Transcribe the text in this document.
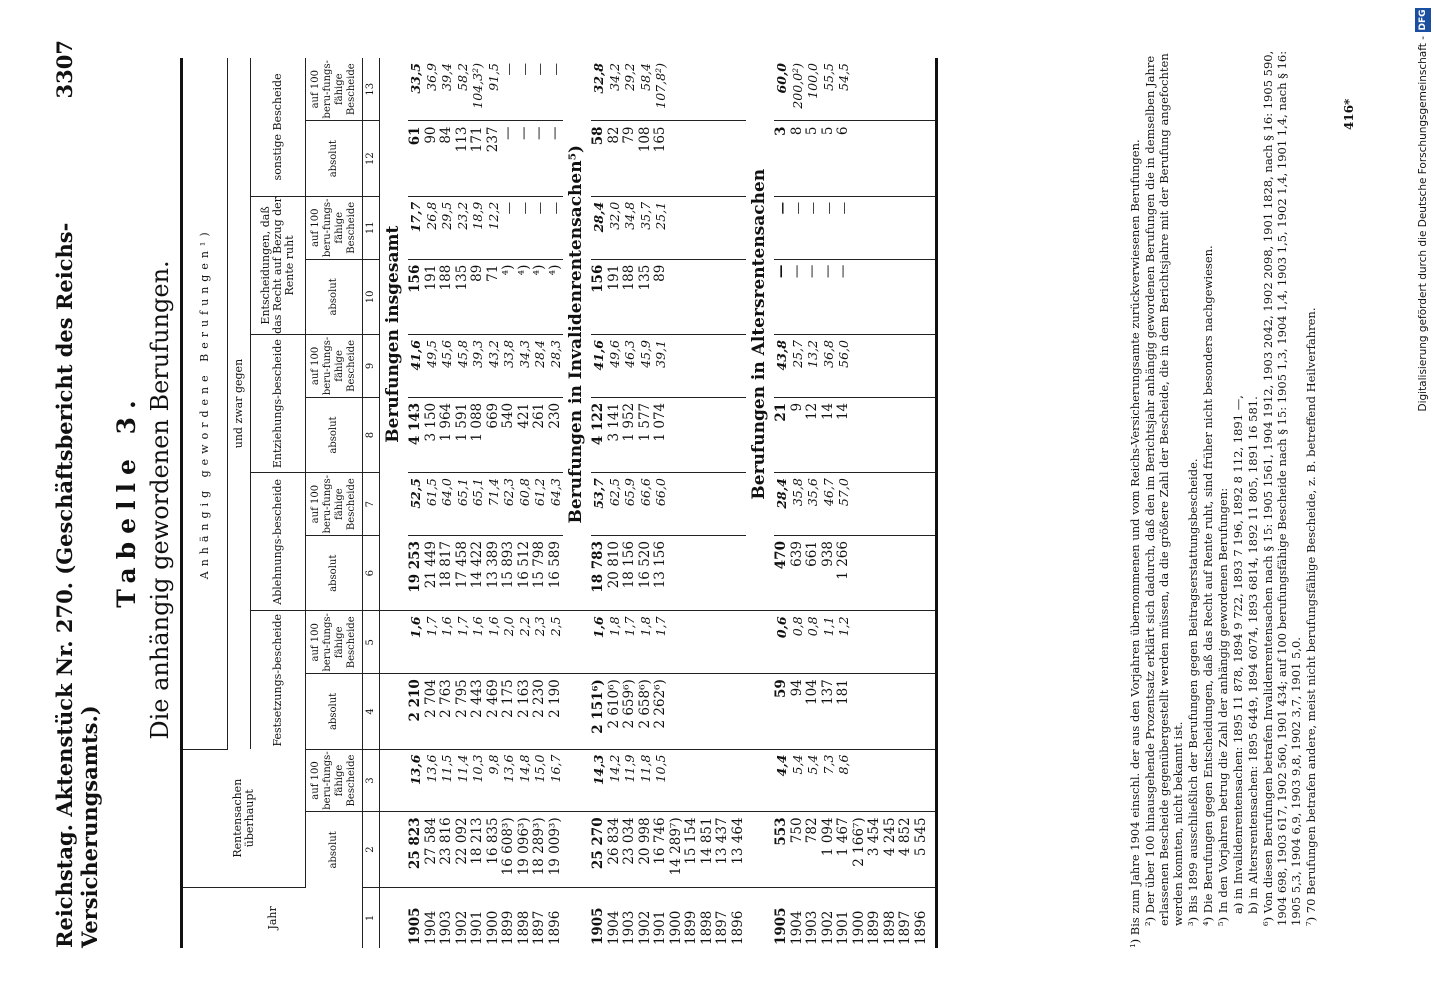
Reichstag. Aktenstück Nr. 270. (Geschäftsbericht des Reichs-Versicherungsamts.)
3307
Tabelle 3. Die anhängig gewordenen Berufungen.
Jahr	Rentensachen überhaupt		Anhängig gewordene Berufungen¹)									
			und zwar gegen									
			Festsetzungs-bescheide		Ablehnungs-bescheide		Entziehungs-bescheide		Entscheidungen, daß das Recht auf Bezug der Rente ruht		sonstige Bescheide	
	absolut	auf 100 beru-fungs-fähige Bescheide	absolut	auf 100 beru-fungs-fähige Bescheide	absolut	auf 100 beru-fungs-fähige Bescheide	absolut	auf 100 beru-fungs-fähige Bescheide	absolut	auf 100 beru-fungs-fähige Bescheide	absolut	auf 100 beru-fungs-fähige Bescheide
1	2	3	4	5	6	7	8	9	10	11	12	13
					Berufungen insgesamt							
1905	25 823	13,6	2 210	1,6	19 253	52,5	4 143	41,6	156	17,7	61	33,5
1904	27 584	13,6	2 704	1,7	21 449	61,5	3 150	49,5	191	26,8	90	36,9
1903	23 816	11,5	2 763	1,6	18 817	64,0	1 964	45,6	188	29,5	84	39,4
1902	22 092	11,4	2 795	1,7	17 458	65,1	1 591	45,8	135	23,2	113	58,2
1901	18 213	10,3	2 443	1,6	14 422	65,1	1 088	39,3	89	18,9	171	104,3²)
1900	16 835	9,8	2 469	1,6	13 389	71,4	669	43,2	71	12,2	237	91,5
1899	16 608³)	13,6	2 175	2,0	15 893	62,3	540	33,8	⁴)	—	—	—
1898	19 096³)	14,8	2 163	2,2	16 512	60,8	421	34,3	⁴)	—	—	—
1897	18 289³)	15,0	2 230	2,3	15 798	61,2	261	28,4	⁴)	—	—	—
1896	19 009³)	16,7	2 190	2,5	16 589	64,3	230	28,3	⁴)	—	—	—
					Berufungen in Invalidenrentensachen⁵)							
1905	25 270	14,3	2 151⁶)	1,6	18 783	53,7	4 122	41,6	156	28,4	58	32,8
1904	26 834	14,2	2 610⁶)	1,8	20 810	62,5	3 141	49,6	191	32,0	82	34,2
1903	23 034	11,9	2 659⁶)	1,7	18 156	65,9	1 952	46,3	188	34,8	79	29,2
1902	20 998	11,8	2 658⁶)	1,8	16 520	66,6	1 577	45,9	135	35,7	108	58,4
1901	16 746	10,5	2 262⁶)	1,7	13 156	66,0	1 074	39,1	89	25,1	165	107,8²)
1900	14 289⁷)											
1899	15 154											
1898	14 851											
1897	13 437											
1896	13 464											
					Berufungen in Altersrentensachen							
1905	553	4,4	59	0,6	470	28,4	21	43,8	—	—	3	60,0
1904	750	5,4	94	0,8	639	35,8	9	25,7	—	—	8	200,0²)
1903	782	5,4	104	0,8	661	35,6	12	13,2	—	—	5	100,0
1902	1 094	7,3	137	1,1	938	46,7	14	36,8	—	—	5	55,5
1901	1 467	8,6	181	1,2	1 266	57,0	14	56,0	—	—	6	54,5
1900	2 166⁷)											
1899	3 454											
1898	4 245											
1897	4 852											
1896	5 545											
													¹) Bis zum Jahre 1904 einschl. der aus den Vorjahren übernommenen und vom Reichs-Versicherungsamte zurückverwiesenen Berufungen. ²) Der über 100 hinausgehende Prozentsatz erklärt sich dadurch, daß den im Berichtsjahr anhängig gewordenen Berufungen die in demselben Jahre erlassenen Bescheide gegenübergestellt werden müssen, da die größere Zahl der Bescheide, die in dem Berichtsjahre mit der Berufung angefochten werden konnten, nicht bekannt ist. ³) Bis 1899 ausschließlich der Berufungen gegen Beitragserstattungsbescheide. ⁴) Die Berufungen gegen Entscheidungen, daß das Recht auf Rente ruht, sind früher nicht besonders nachgewiesen. ⁵) In den Vorjahren betrug die Zahl der anhängig gewordenen Berufungen: a) in Invalidenrentensachen: 1895 11 878, 1894 9 722, 1893 7 196, 1892 8 112, 1891 —, b) in Altersrentensachen: 1895 6449, 1894 6074, 1893 6814, 1892 11 805, 1891 16 581. ⁶) Von diesen Berufungen betrafen Invalidenrentensachen nach § 15: 1905 1561, 1904 1912, 1903 2042, 1902 2098, 1901 1828, nach § 16: 1905 590, 1904 698, 1903 617, 1902 560, 1901 434; auf 100 berufungsfähige Bescheide nach § 15: 1905 1,3, 1904 1,4, 1903 1,5, 1902 1,4, 1901 1,4, nach § 16: 1905 5,3, 1904 6,9, 1903 9,8, 1902 3,7, 1901 5,0. ⁷) 70 Berufungen betrafen andere, meist nicht berufungsfähige Bescheide, z. B. betreffend Heilverfahren.

416*	Digitalisierung gefördert durch die Deutsche Forschungsgemeinschaft -
DFG
